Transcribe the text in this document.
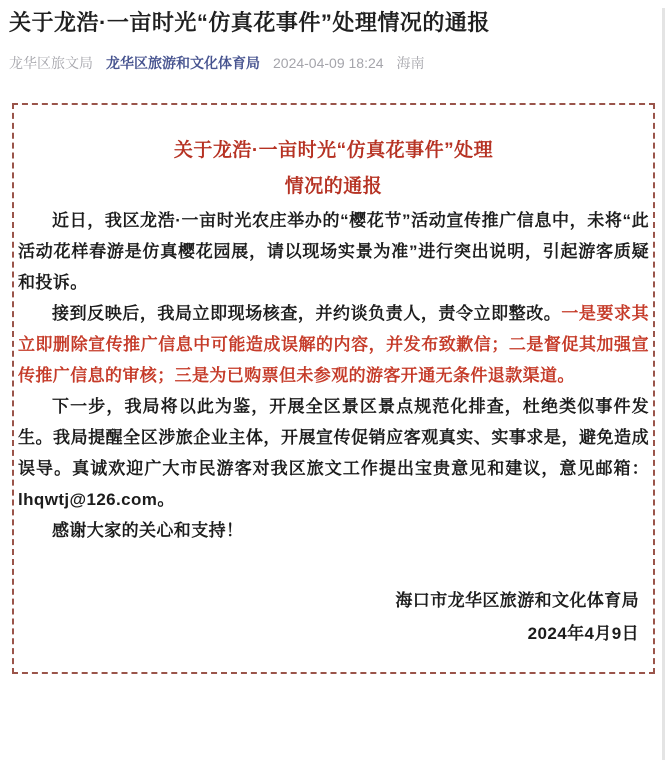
关于龙浩·一亩时光“仿真花事件”处理情况的通报
龙华区旅文局 龙华区旅游和文化体育局 2024-04-09 18:24 海南
关于龙浩·一亩时光“仿真花事件”处理
情况的通报

近日，我区龙浩·一亩时光农庄举办的“樱花节”活动宣传推广信息中，未将“此活动花样春游是仿真樱花园展，请以现场实景为准”进行突出说明，引起游客质疑和投诉。

接到反映后，我局立即现场核查，并约谈负责人，责令立即整改。一是要求其立即删除宣传推广信息中可能造成误解的内容，并发布致歉信；二是督促其加强宣传推广信息的审核；三是为已购票但未参观的游客开通无条件退款渠道。

下一步，我局将以此为鉴，开展全区景区景点规范化排查，杜绝类似事件发生。我局提醒全区涉旅企业主体，开展宣传促销应客观真实、实事求是，避免造成误导。真诚欢迎广大市民游客对我区旅文工作提出宝贵意见和建议，意见邮箱：lhqwtj@126.com。

感谢大家的关心和支持！

海口市龙华区旅游和文化体育局
2024年4月9日
